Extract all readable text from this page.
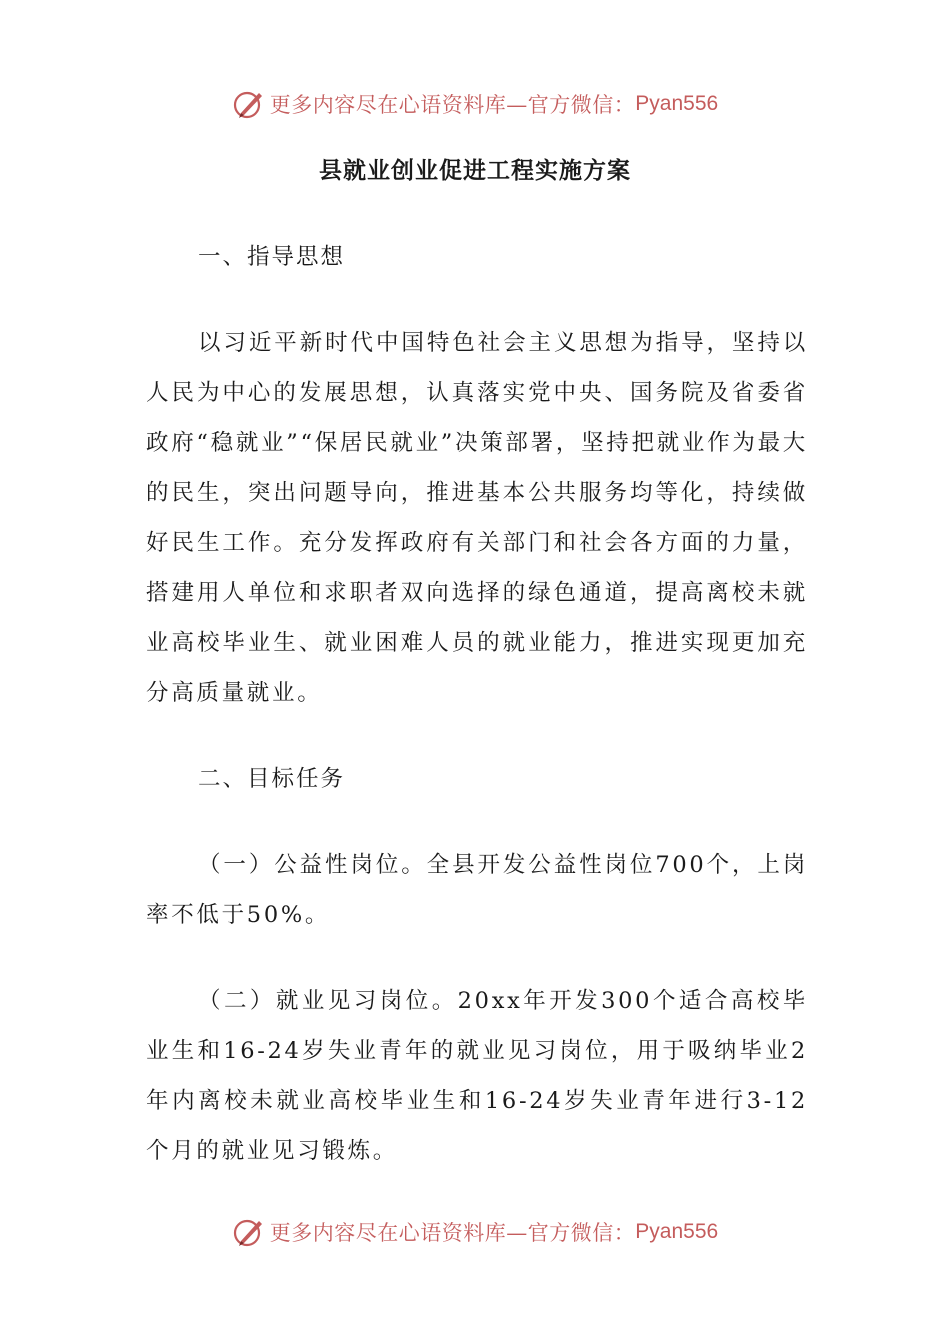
更多内容尽在心语资料库—官方微信： Pyan556
县就业创业促进工程实施方案
一、指导思想

以习近平新时代中国特色社会主义思想为指导，坚持以人民为中心的发展思想，认真落实党中央、国务院及省委省政府“稳就业”“保居民就业”决策部署，坚持把就业作为最大的民生，突出问题导向，推进基本公共服务均等化，持续做好民生工作。充分发挥政府有关部门和社会各方面的力量，搭建用人单位和求职者双向选择的绿色通道，提高离校未就业高校毕业生、就业困难人员的就业能力，推进实现更加充分高质量就业。

二、目标任务

（一）公益性岗位。全县开发公益性岗位700个，上岗率不低于50%。

（二）就业见习岗位。20xx年开发300个适合高校毕业生和16-24岁失业青年的就业见习岗位，用于吸纳毕业2年内离校未就业高校毕业生和16-24岁失业青年进行3-12个月的就业见习锻炼。

更多内容尽在心语资料库—官方微信： Pyan556
